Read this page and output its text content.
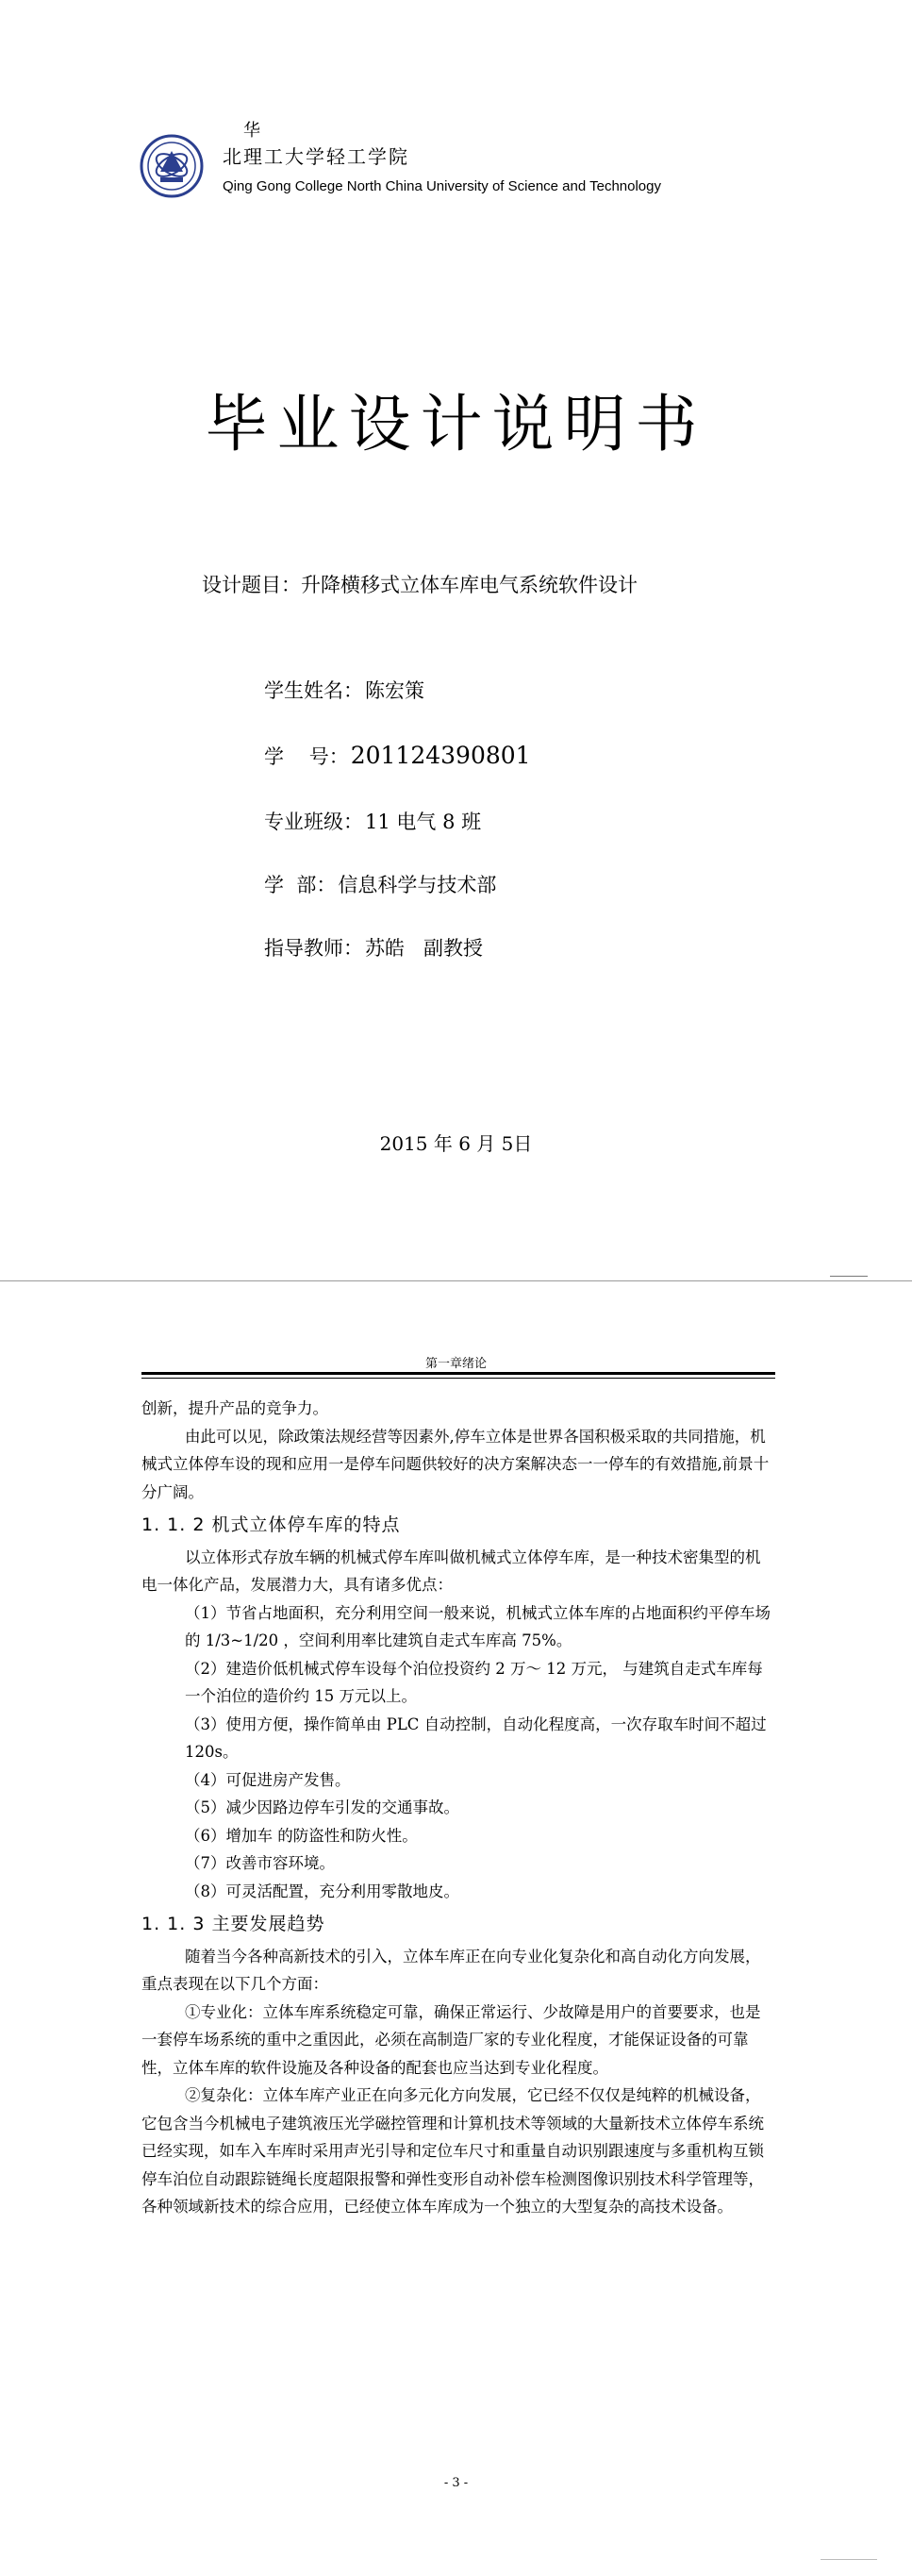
华
北理工大学轻工学院
Qing Gong College North China University of Science and Technology
毕业设计说明书
设计题目：升降横移式立体车库电气系统软件设计
学生姓名：陈宏策
学    号：201124390801
专业班级：11 电气 8 班
学  部：信息科学与技术部
指导教师：苏皓   副教授
2015 年 6 月 5日
第一章绪论

创新，提升产品的竞争力。

由此可以见，除政策法规经营等因素外,停车立体是世界各国积极采取的共同措施，机械式立体停车设的现和应用一是停车问题供较好的决方案解决态一一停车的有效措施,前景十分广阔。

1. 1. 2 机式立体停车库的特点

以立体形式存放车辆的机械式停车库叫做机械式立体停车库，是一种技术密集型的机电一体化产品，发展潜力大，具有诸多优点：

（1）节省占地面积，充分利用空间一般来说，机械式立体车库的占地面积约平停车场的 1/3~1/20 ，空间利用率比建筑自走式车库高 75%。

（2）建造价低机械式停车设每个泊位投资约 2 万～ 12 万元， 与建筑自走式车库每一个泊位的造价约 15 万元以上。

（3）使用方便，操作简单由 PLC 自动控制，自动化程度高，一次存取车时间不超过 120s。

（4）可促进房产发售。

（5）减少因路边停车引发的交通事故。

（6）增加车 的防盗性和防火性。

（7）改善市容环境。

（8）可灵活配置，充分利用零散地皮。

1. 1. 3 主要发展趋势

随着当今各种高新技术的引入，立体车库正在向专业化复杂化和高自动化方向发展，重点表现在以下几个方面：

①专业化：立体车库系统稳定可靠，确保正常运行、少故障是用户的首要要求，也是一套停车场系统的重中之重因此，必须在高制造厂家的专业化程度，才能保证设备的可靠性，立体车库的软件设施及各种设备的配套也应当达到专业化程度。

②复杂化：立体车库产业正在向多元化方向发展，它已经不仅仅是纯粹的机械设备，它包含当今机械电子建筑液压光学磁控管理和计算机技术等领域的大量新技术立体停车系统已经实现，如车入车库时采用声光引导和定位车尺寸和重量自动识别跟速度与多重机构互锁停车泊位自动跟踪链绳长度超限报警和弹性变形自动补偿车检测图像识别技术科学管理等，各种领域新技术的综合应用，已经使立体车库成为一个独立的大型复杂的高技术设备。

- 3 -
